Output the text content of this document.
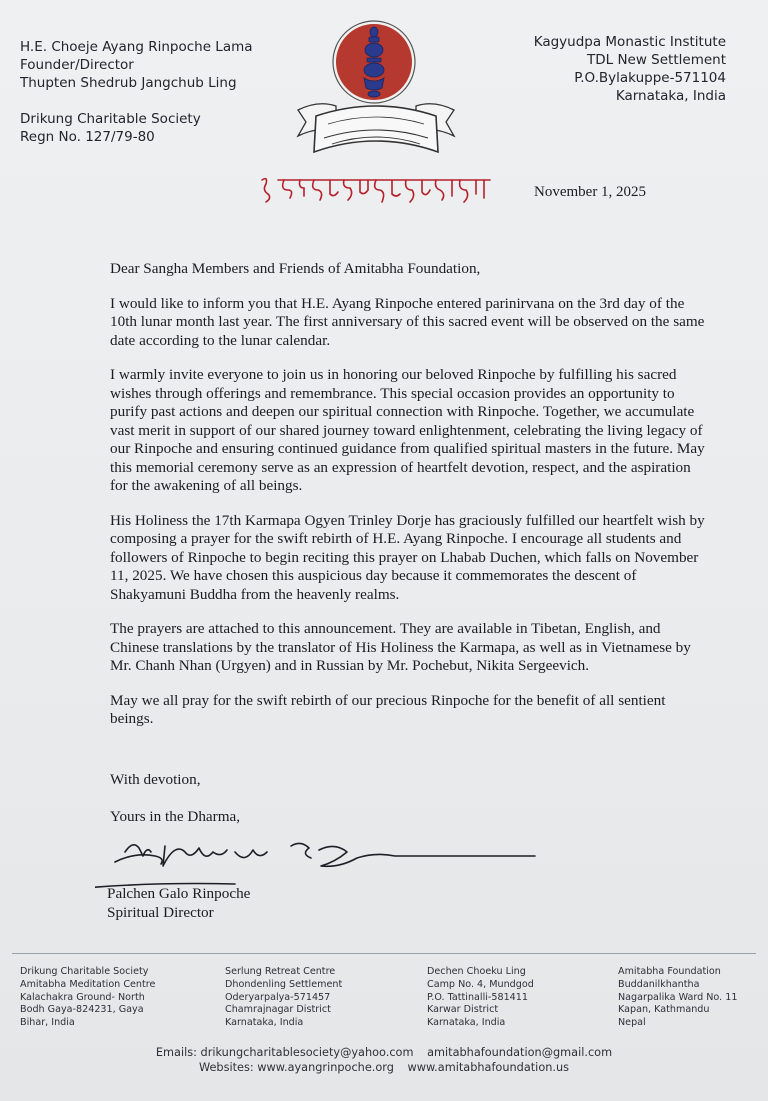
H.E. Choeje Ayang Rinpoche Lama
Founder/Director
Thupten Shedrub Jangchub Ling
Drikung Charitable Society
Regn No. 127/79-80
Kagyudpa Monastic Institute
TDL New Settlement
P.O.Bylakuppe-571104
Karnataka, India
November 1, 2025

Dear Sangha Members and Friends of Amitabha Foundation,

I would like to inform you that H.E. Ayang Rinpoche entered parinirvana on the 3rd day of the 10th lunar month last year. The first anniversary of this sacred event will be observed on the same date according to the lunar calendar.

I warmly invite everyone to join us in honoring our beloved Rinpoche by fulfilling his sacred wishes through offerings and remembrance. This special occasion provides an opportunity to purify past actions and deepen our spiritual connection with Rinpoche. Together, we accumulate vast merit in support of our shared journey toward enlightenment, celebrating the living legacy of our Rinpoche and ensuring continued guidance from qualified spiritual masters in the future. May this memorial ceremony serve as an expression of heartfelt devotion, respect, and the aspiration for the awakening of all beings.

His Holiness the 17th Karmapa Ogyen Trinley Dorje has graciously fulfilled our heartfelt wish by composing a prayer for the swift rebirth of H.E. Ayang Rinpoche. I encourage all students and followers of Rinpoche to begin reciting this prayer on Lhabab Duchen, which falls on November 11, 2025. We have chosen this auspicious day because it commemorates the descent of Shakyamuni Buddha from the heavenly realms.

The prayers are attached to this announcement. They are available in Tibetan, English, and Chinese translations by the translator of His Holiness the Karmapa, as well as in Vietnamese by Mr. Chanh Nhan (Urgyen) and in Russian by Mr. Pochebut, Nikita Sergeevich.

May we all pray for the swift rebirth of our precious Rinpoche for the benefit of all sentient beings.

With devotion,
Yours in the Dharma,
Palchen Galo Rinpoche
Spiritual Director
Drikung Charitable Society
Amitabha Meditation Centre
Kalachakra Ground- North
Bodh Gaya-824231, Gaya
Bihar, India
Serlung Retreat Centre
Dhondenling Settlement
Oderyarpalya-571457
Chamrajnagar District
Karnataka, India
Dechen Choeku Ling
Camp No. 4, Mundgod
P.O. Tattinalli-581411
Karwar District
Karnataka, India
Amitabha Foundation
Buddanilkhantha
Nagarpalika Ward No. 11
Kapan, Kathmandu
Nepal
Emails: drikungcharitablesociety@yahoo.com amitabhafoundation@gmail.com
Websites: www.ayangrinpoche.org www.amitabhafoundation.us
